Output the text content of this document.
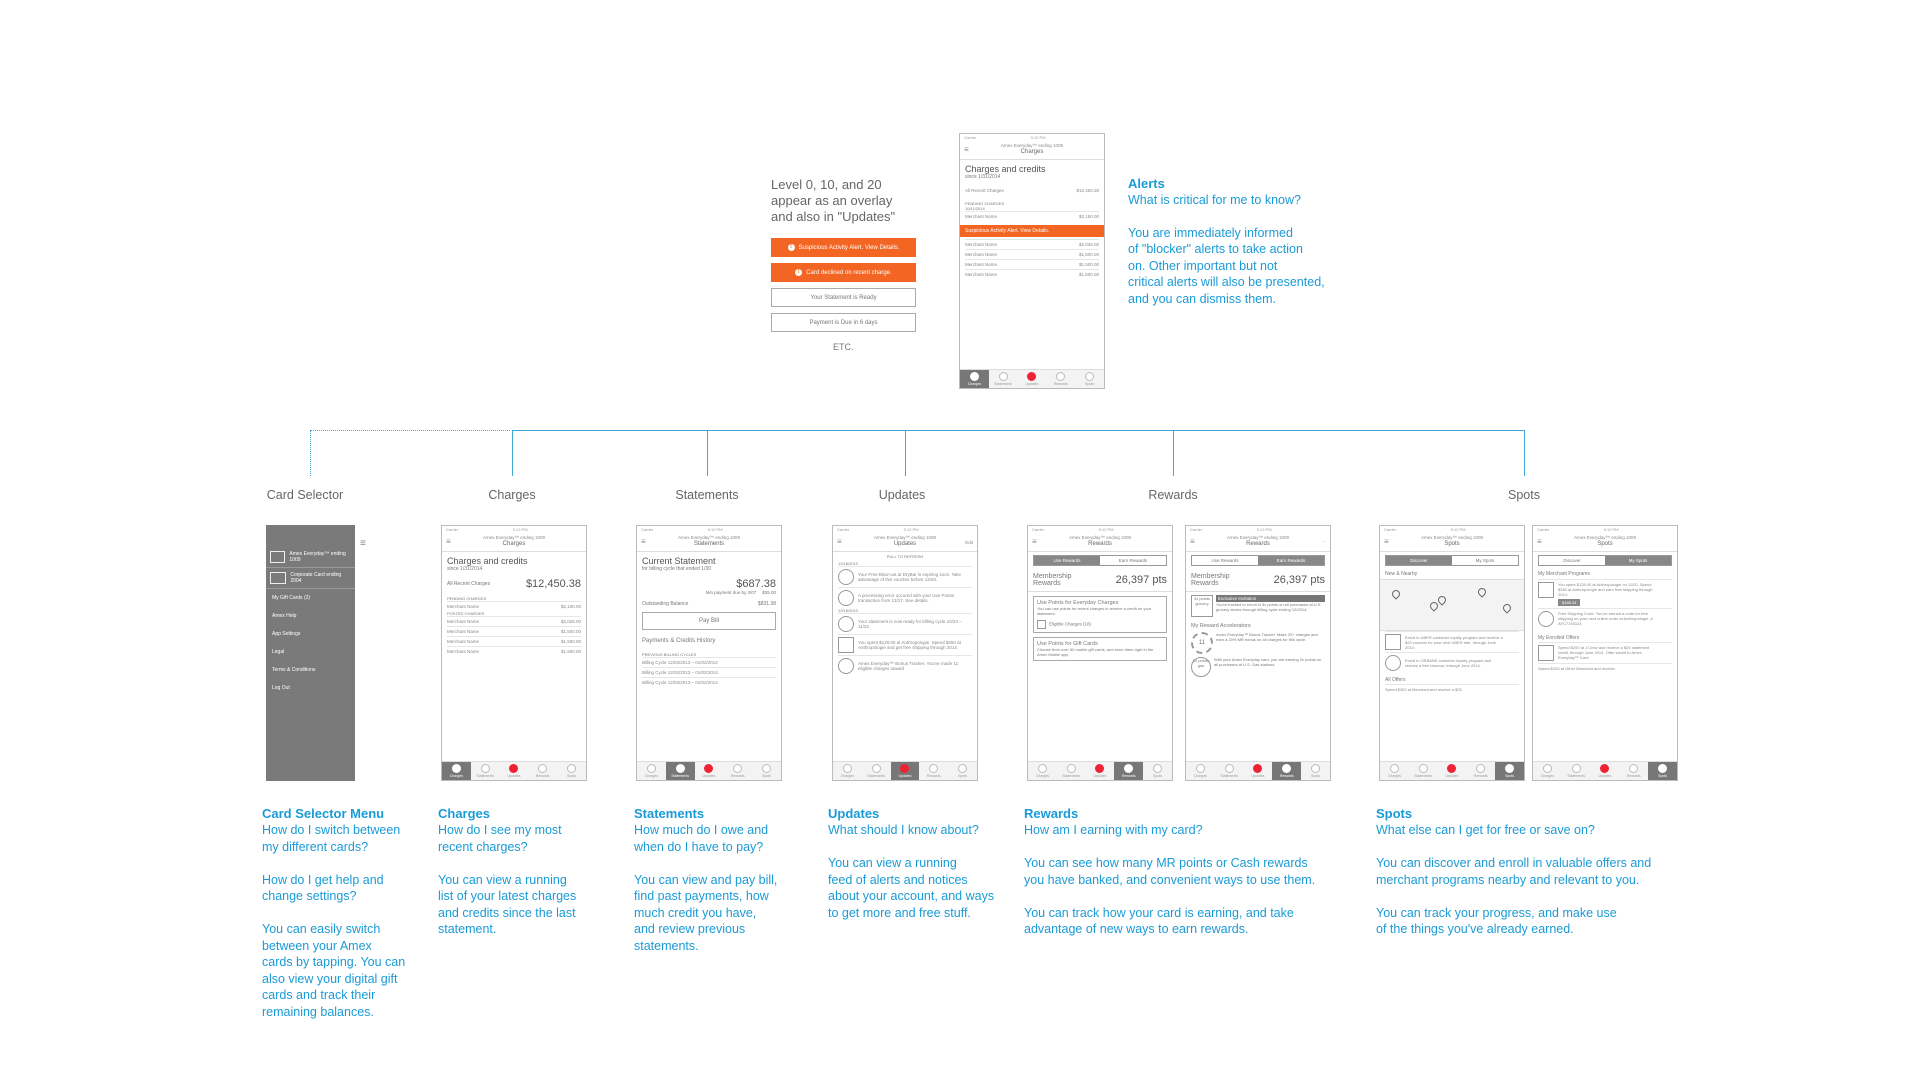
Level 0, 10, and 20
appear as an overlay
and also in "Updates"
!	Suspicious Activity Alert. View Details.
!	Card declined on recent charge.
Your Statement is Ready
Payment is Due in 6 days
ETC.
Carrier	9:12 PM
≡	Amex Everyday™ ending 1009
Charges
Charges and credits
since 1/31/2014
All Recent Charges	$12,450.38
PENDING CHARGES
10/11/2014
Merchant Name	$2,150.00
Suspicious Activity Alert. View Details.
Merchant Name	$2,026.00
Merchant Name	$1,500.00
Merchant Name	$1,500.00
Merchant Name	$1,500.00
Charges	Statements	Updates	Rewards	Spots
Alerts
What is critical for me to know?
You are immediately informed
of "blocker" alerts to take action
on. Other important but not
critical alerts will also be presented,
and you can dismiss them.
Card Selector	Charges	Statements	Updates	Rewards	Spots
Amex Everyday™ ending 1009
Corporate Card ending 2004
My Gift Cards (2)
Amex Help
App Settings
Legal
Terms & Conditions
Log Out
≡
Carrier	9:12 PM
≡	Amex Everyday™ ending 1009
Charges
Charges and credits
since 1/31/2014
All Recent Charges	$12,450.38
PENDING CHARGES
Merchant Name	$2,150.00
POSTED CHARGES
Merchant Name	$2,026.00
Merchant Name	$1,500.00
Merchant Name	$1,500.00
Merchant Name	$1,500.00
Charges	Statements	Updates	Rewards	Spots
Carrier	9:12 PM
≡	Amex Everyday™ ending 1009
Statements
Current Statement
for billing cycle that ended 1/30
$687.38
Min payment due by 2/07 $35.00
Outstanding Balance	$831.38
Pay Bill
Payments & Credits History
PREVIOUS BILLING CYCLES
Billing Cycle 12/02/2013 – 01/02/2014
Billing Cycle 12/02/2013 – 01/02/2014
Billing Cycle 12/02/2013 – 01/02/2014
Charges	Statements	Updates	Rewards	Spots
Carrier	9:12 PM
≡	Edit
Amex Everyday™ ending 1009
Updates
PULL TO REFRESH
12/18/2013
Your Free Blow-out at DryBar is expiring soon. Take advantage of this voucher before 12/20.
A processing error occured with your Use Points transaction from 12/17. See details.
12/18/2013
Your statement is now ready for billing cycle 10/23 – 11/22.
You spent $128.00 at Anthropologie. Spend $250 at Anthropologie and get free shipping through 2014.
Amex Everyday™ Bonus Tracker. You've made 11 eligible charges toward
Charges	Statements	Updates	Rewards	Spots
Carrier	9:12 PM
≡	Amex Everyday™ ending 1009
Rewards
Use Rewards	Earn Rewards
Membership Rewards	26,397 pts
Use Points for Everyday Charges
You can use points for recent charges to receive a credit on your statement.
Eligible Charges (18)
Use Points for Gift Cards
Choose from over 50 mobile gift cards, and store them right in the Amex Mobile app.
Charges	Statements	Updates	Rewards	Spots
Carrier	9:12 PM
≡	···
Amex Everyday™ ending 1009
Rewards
Use Rewards	Earn Rewards
Membership Rewards	26,397 pts
3x points grocery
Exclusive Invitation
You're tracked to enroll in 3x points on all purchases at U.S. grocery stores through billing cycle ending 12/2014.
My Reward Accelerators
11
Amex Everyday™ Bonus Tracker. Make 20+ charges and earn a 20% MR bonus on all charges for this cycle.
2x points gas
With your Amex Everyday card, you are earning 2x points on all purchases at U.S. Gas stations.
Charges	Statements	Updates	Rewards	Spots
Carrier	9:12 PM
≡	Amex Everyday™ ending 1009
Spots
Discover	My Spots
New & Nearby
Enroll in UBER customer loyalty program and receive a $20 voucher for your next UBER ride, through June 2014.
Enroll in ORBANS customer loyalty program and receive a free blowout, through June 2014.
All Offers
Spend $300 at Merchant and receive a $25
Charges	Statements	Updates	Rewards	Spots
Carrier	9:12 PM
≡	Amex Everyday™ ending 1009
Spots
Discover	My Spots
My Merchant Programs
You spent $128.00 at Anthropologie on 11/20. Spend $250 at Anthropologie and earn free shipping through 2014.
$188.34
Free Shipping Code. You've earned a code for free shipping on your next online order at Anthropologie. # AFC7193124
My Enrolled Offers
Spend $200 at J.Crew and receive a $25 statement credit, through June 2014. Offer saved to Amex Everyday™ Card
Spend $100 at Other Merchant and receive
Charges	Statements	Updates	Rewards	Spots
Card Selector Menu
How do I switch between
my different cards?

How do I get help and
change settings?

You can easily switch
between your Amex
cards by tapping. You can
also view your digital gift
cards and track their
remaining balances.
Charges
How do I see my most
recent charges?

You can view a running
list of your latest charges
and credits since the last
statement.
Statements
How much do I owe and
when do I have to pay?

You can view and pay bill,
find past payments, how
much credit you have,
and review previous
statements.
Updates
What should I know about?

You can view a running
feed of alerts and notices
about your account, and ways
to get more and free stuff.
Rewards
How am I earning with my card?

You can see how many MR points or Cash rewards
you have banked, and convenient ways to use them.

You can track how your card is earning, and take
advantage of new ways to earn rewards.
Spots
What else can I get for free or save on?

You can discover and enroll in valuable offers and
merchant programs nearby and relevant to you.

You can track your progress, and make use
of the things you've already earned.
